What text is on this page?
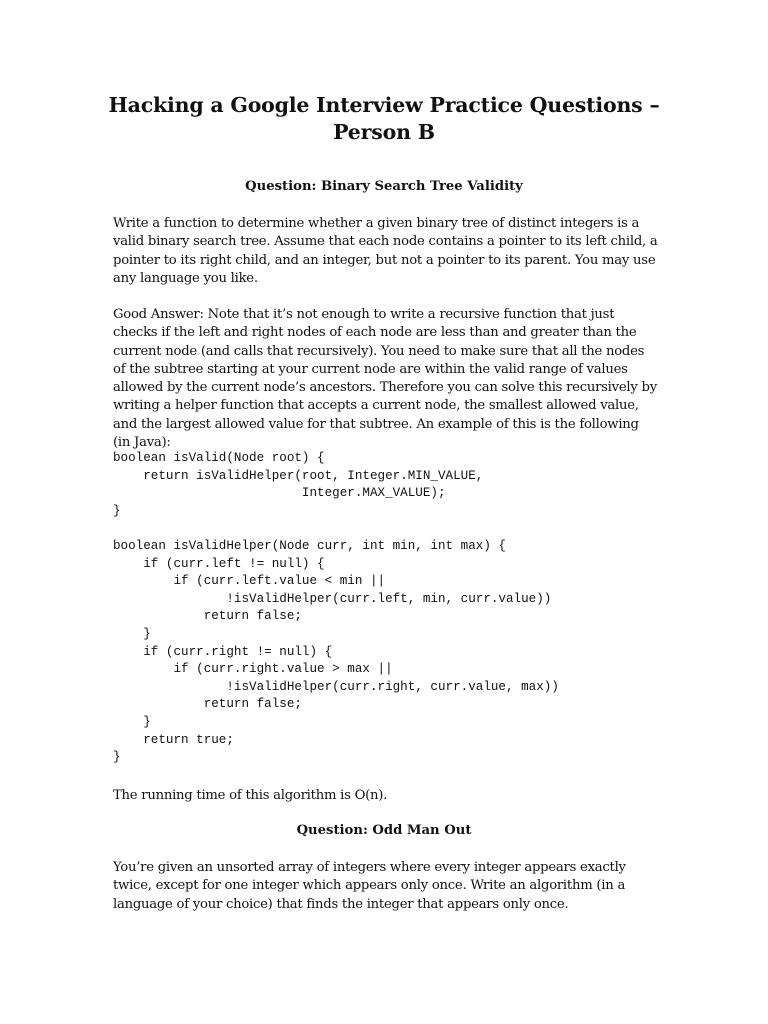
Hacking a Google Interview Practice Questions –
Person B
Question: Binary Search Tree Validity

Write a function to determine whether a given binary tree of distinct integers is a valid binary search tree. Assume that each node contains a pointer to its left child, a pointer to its right child, and an integer, but not a pointer to its parent. You may use any language you like.

Good Answer: Note that it’s not enough to write a recursive function that just checks if the left and right nodes of each node are less than and greater than the current node (and calls that recursively). You need to make sure that all the nodes of the subtree starting at your current node are within the valid range of values allowed by the current node’s ancestors. Therefore you can solve this recursively by writing a helper function that accepts a current node, the smallest allowed value, and the largest allowed value for that subtree. An example of this is the following (in Java):

boolean isValid(Node root) {
return isValidHelper(root, Integer.MIN_VALUE,
Integer.MAX_VALUE);
}
boolean isValidHelper(Node curr, int min, int max) {
if (curr.left != null) {
if (curr.left.value < min ||
!isValidHelper(curr.left, min, curr.value))
return false;
}
if (curr.right != null) {
if (curr.right.value > max ||
!isValidHelper(curr.right, curr.value, max))
return false;
}
return true;
}

The running time of this algorithm is O(n).

Question: Odd Man Out

You’re given an unsorted array of integers where every integer appears exactly twice, except for one integer which appears only once. Write an algorithm (in a language of your choice) that finds the integer that appears only once.
